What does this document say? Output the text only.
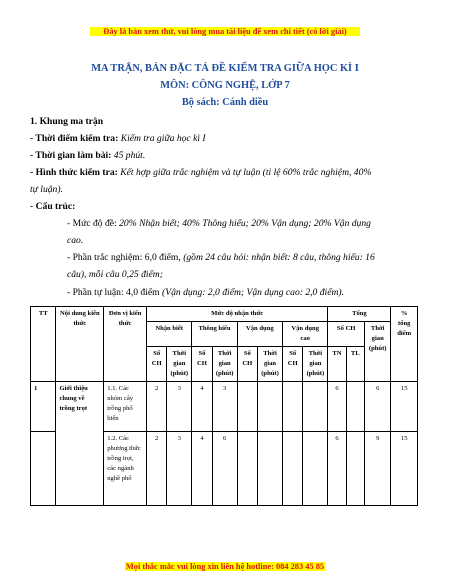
Đây là bản xem thử, vui lòng mua tài liệu để xem chi tiết (có lời giải)
MA TRẬN, BẢN ĐẶC TẢ ĐỀ KIỂM TRA GIỮA HỌC KÌ I
MÔN: CÔNG NGHỆ, LỚP 7
Bộ sách: Cánh diều
1. Khung ma trận
- Thời điểm kiểm tra: Kiểm tra giữa học kì I
- Thời gian làm bài: 45 phút.
- Hình thức kiểm tra: Kết hợp giữa trắc nghiệm và tự luận (tỉ lệ 60% trắc nghiệm, 40%
tự luận).
- Cấu trúc:
- Mức độ đề: 20% Nhận biết; 40% Thông hiểu; 20% Vận dụng; 20% Vận dụng
cao.
- Phần trắc nghiệm: 6,0 điểm, (gồm 24 câu hỏi: nhận biết: 8 câu, thông hiểu: 16
câu), mỗi câu 0,25 điểm;
- Phần tự luận: 4,0 điểm (Vận dụng: 2,0 điểm; Vận dụng cao: 2,0 điểm).
TT	Nội dung kiến thức	Đơn vị kiến thức	Mức độ nhận thức								Tổng			% tổng điểm
			Nhận biết		Thông hiểu		Vận dụng		Vận dụng cao		Số CH		Thời gian (phút)	
			Số CH	Thời gian (phút)	Số CH	Thời gian (phút)	Số CH	Thời gian (phút)	Số CH	Thời gian (phút)	TN	TL		
1	Giới thiệu chung về trồng trọt	1.1. Các nhóm cây trồng phổ biến	2	3	4	3					6		6	15
		1.2. Các phương thức trồng trọt, các ngành nghề phổ	2	3	4	6					6		9	15
Mọi thắc mắc vui lòng xin liên hệ hotline: 084 283 45 85
